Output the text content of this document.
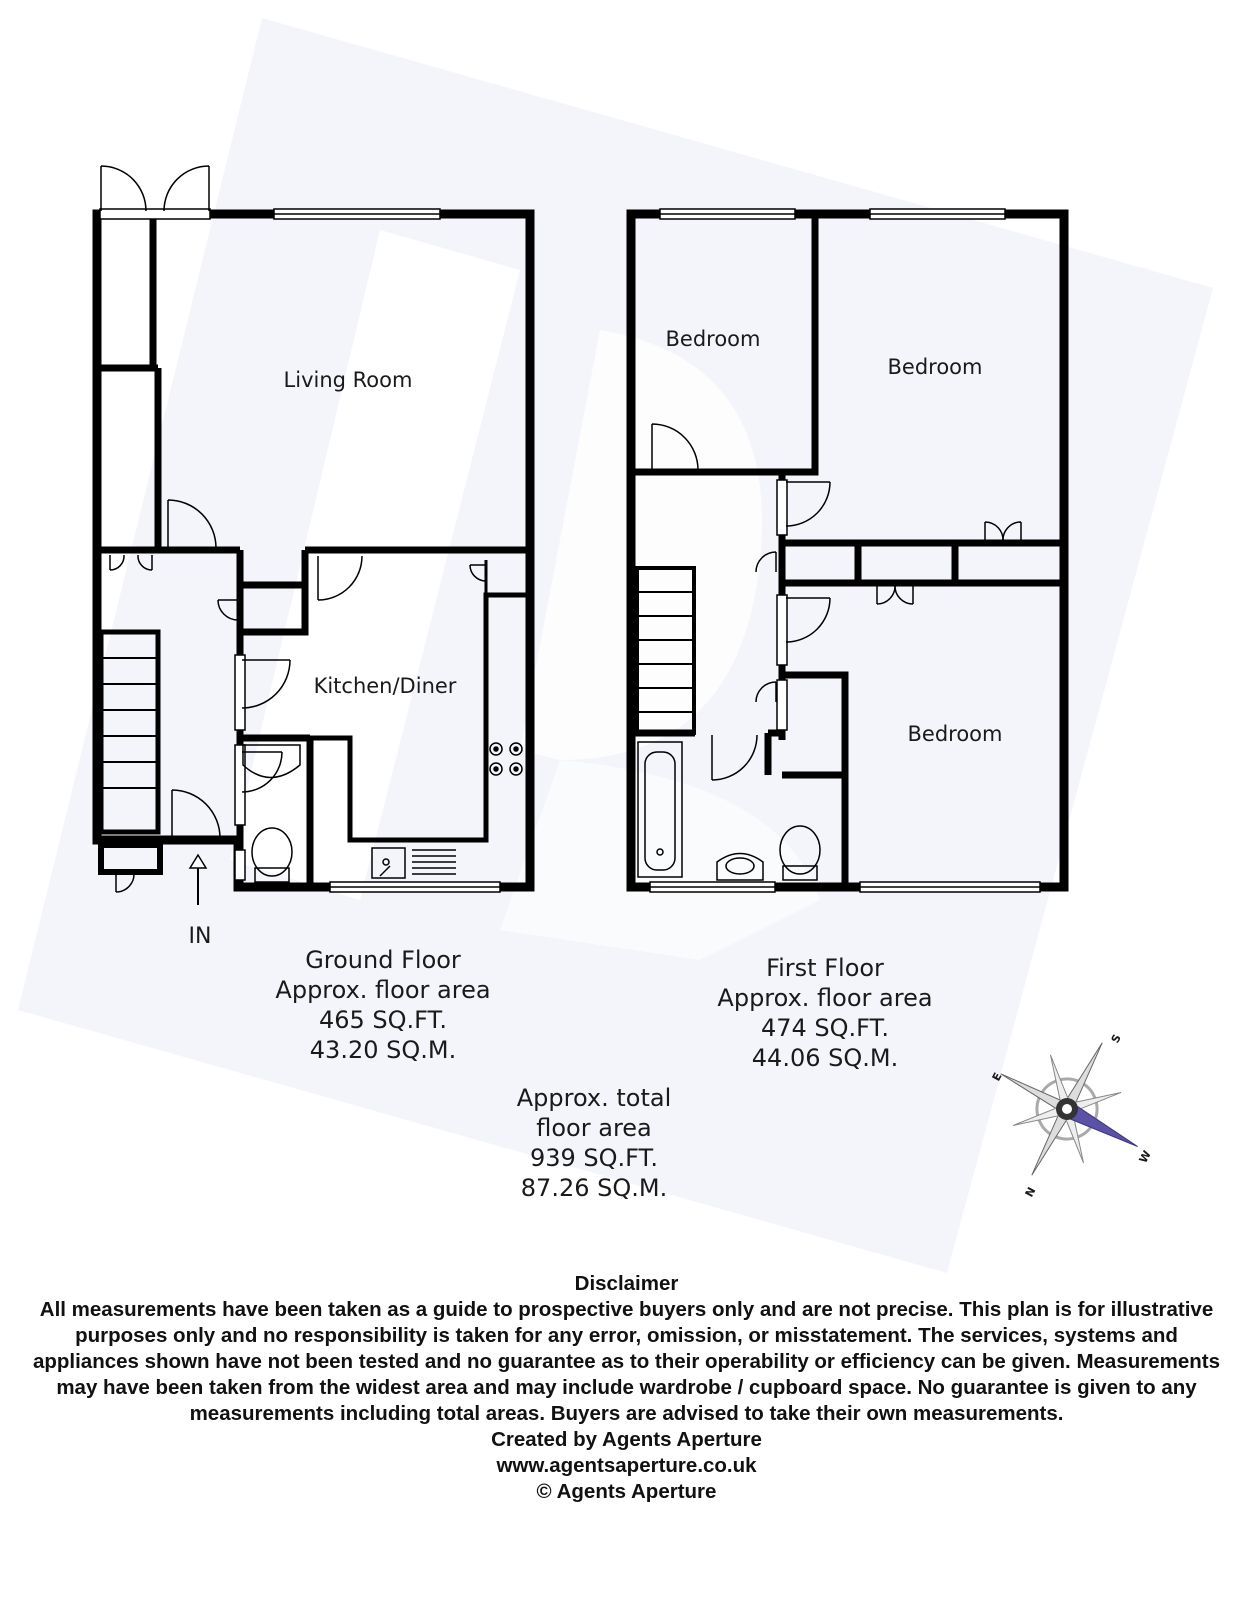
Living Room
Kitchen/Diner
Bedroom
Bedroom
Bedroom
IN
Ground Floor
Approx. floor area
465 SQ.FT.
43.20 SQ.M.
First Floor
Approx. floor area
474 SQ.FT.
44.06 SQ.M.
Approx. total
floor area
939 SQ.FT.
87.26 SQ.M.	N
E
S
W
Disclaimer
All measurements have been taken as a guide to prospective buyers only and are not precise. This plan is for illustrative purposes only and no responsibility is taken for any error, omission, or misstatement. The services, systems and appliances shown have not been tested and no guarantee as to their operability or efficiency can be given. Measurements may have been taken from the widest area and may include wardrobe / cupboard space. No guarantee is given to any measurements including total areas. Buyers are advised to take their own measurements.
Created by Agents Aperture
www.agentsaperture.co.uk
© Agents Aperture
